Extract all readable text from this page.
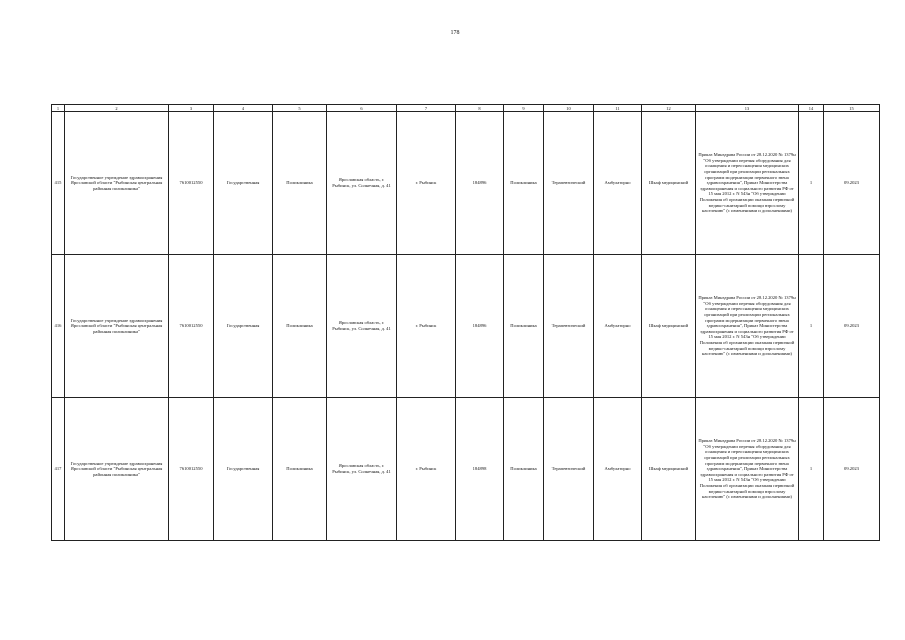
178
1	2	3	4	5	6	7	8	9	10	11	12	13	14	15
415	Государственное учреждение здравоохранения Ярославской области "Рыбинская центральная районная поликлиника"	7610012550	Государственная	Поликлиника	Ярославская область, г. Рыбинск, ул. Солнечная, д. 41	г. Рыбинск	184896	Поликлиника	Терапевтический	Амбулаторно	Шкаф медицинский	Приказ Минздрава России от 28.12.2020 № 1379н "Об утверждении перечня оборудования для оснащения и переоснащения медицинских организаций при реализации региональных программ модернизации первичного звена здравоохранения", Приказ Министерства здравоохранения и социального развития РФ от 15 мая 2012 г. N 543н "Об утверждении Положения об организации оказания первичной медико-санитарной помощи взрослому населению" (с изменениями и дополнениями)	1	09.2023
416	Государственное учреждение здравоохранения Ярославской области "Рыбинская центральная районная поликлиника"	7610012550	Государственная	Поликлиника	Ярославская область, г. Рыбинск, ул. Солнечная, д. 41	г. Рыбинск	184896	Поликлиника	Терапевтический	Амбулаторно	Шкаф медицинский	Приказ Минздрава России от 28.12.2020 № 1379н "Об утверждении перечня оборудования для оснащения и переоснащения медицинских организаций при реализации региональных программ модернизации первичного звена здравоохранения", Приказ Министерства здравоохранения и социального развития РФ от 15 мая 2012 г. N 543н "Об утверждении Положения об организации оказания первичной медико-санитарной помощи взрослому населению" (с изменениями и дополнениями)	1	09.2023
417	Государственное учреждение здравоохранения Ярославской области "Рыбинская центральная районная поликлиника"	7610012550	Государственная	Поликлиника	Ярославская область, г. Рыбинск, ул. Солнечная, д. 41	г. Рыбинск	184898	Поликлиника	Терапевтический	Амбулаторно	Шкаф медицинский	Приказ Минздрава России от 28.12.2020 № 1379н "Об утверждении перечня оборудования для оснащения и переоснащения медицинских организаций при реализации региональных программ модернизации первичного звена здравоохранения", Приказ Министерства здравоохранения и социального развития РФ от 15 мая 2012 г. N 543н "Об утверждении Положения об организации оказания первичной медико-санитарной помощи взрослому населению" (с изменениями и дополнениями)	1	09.2023
